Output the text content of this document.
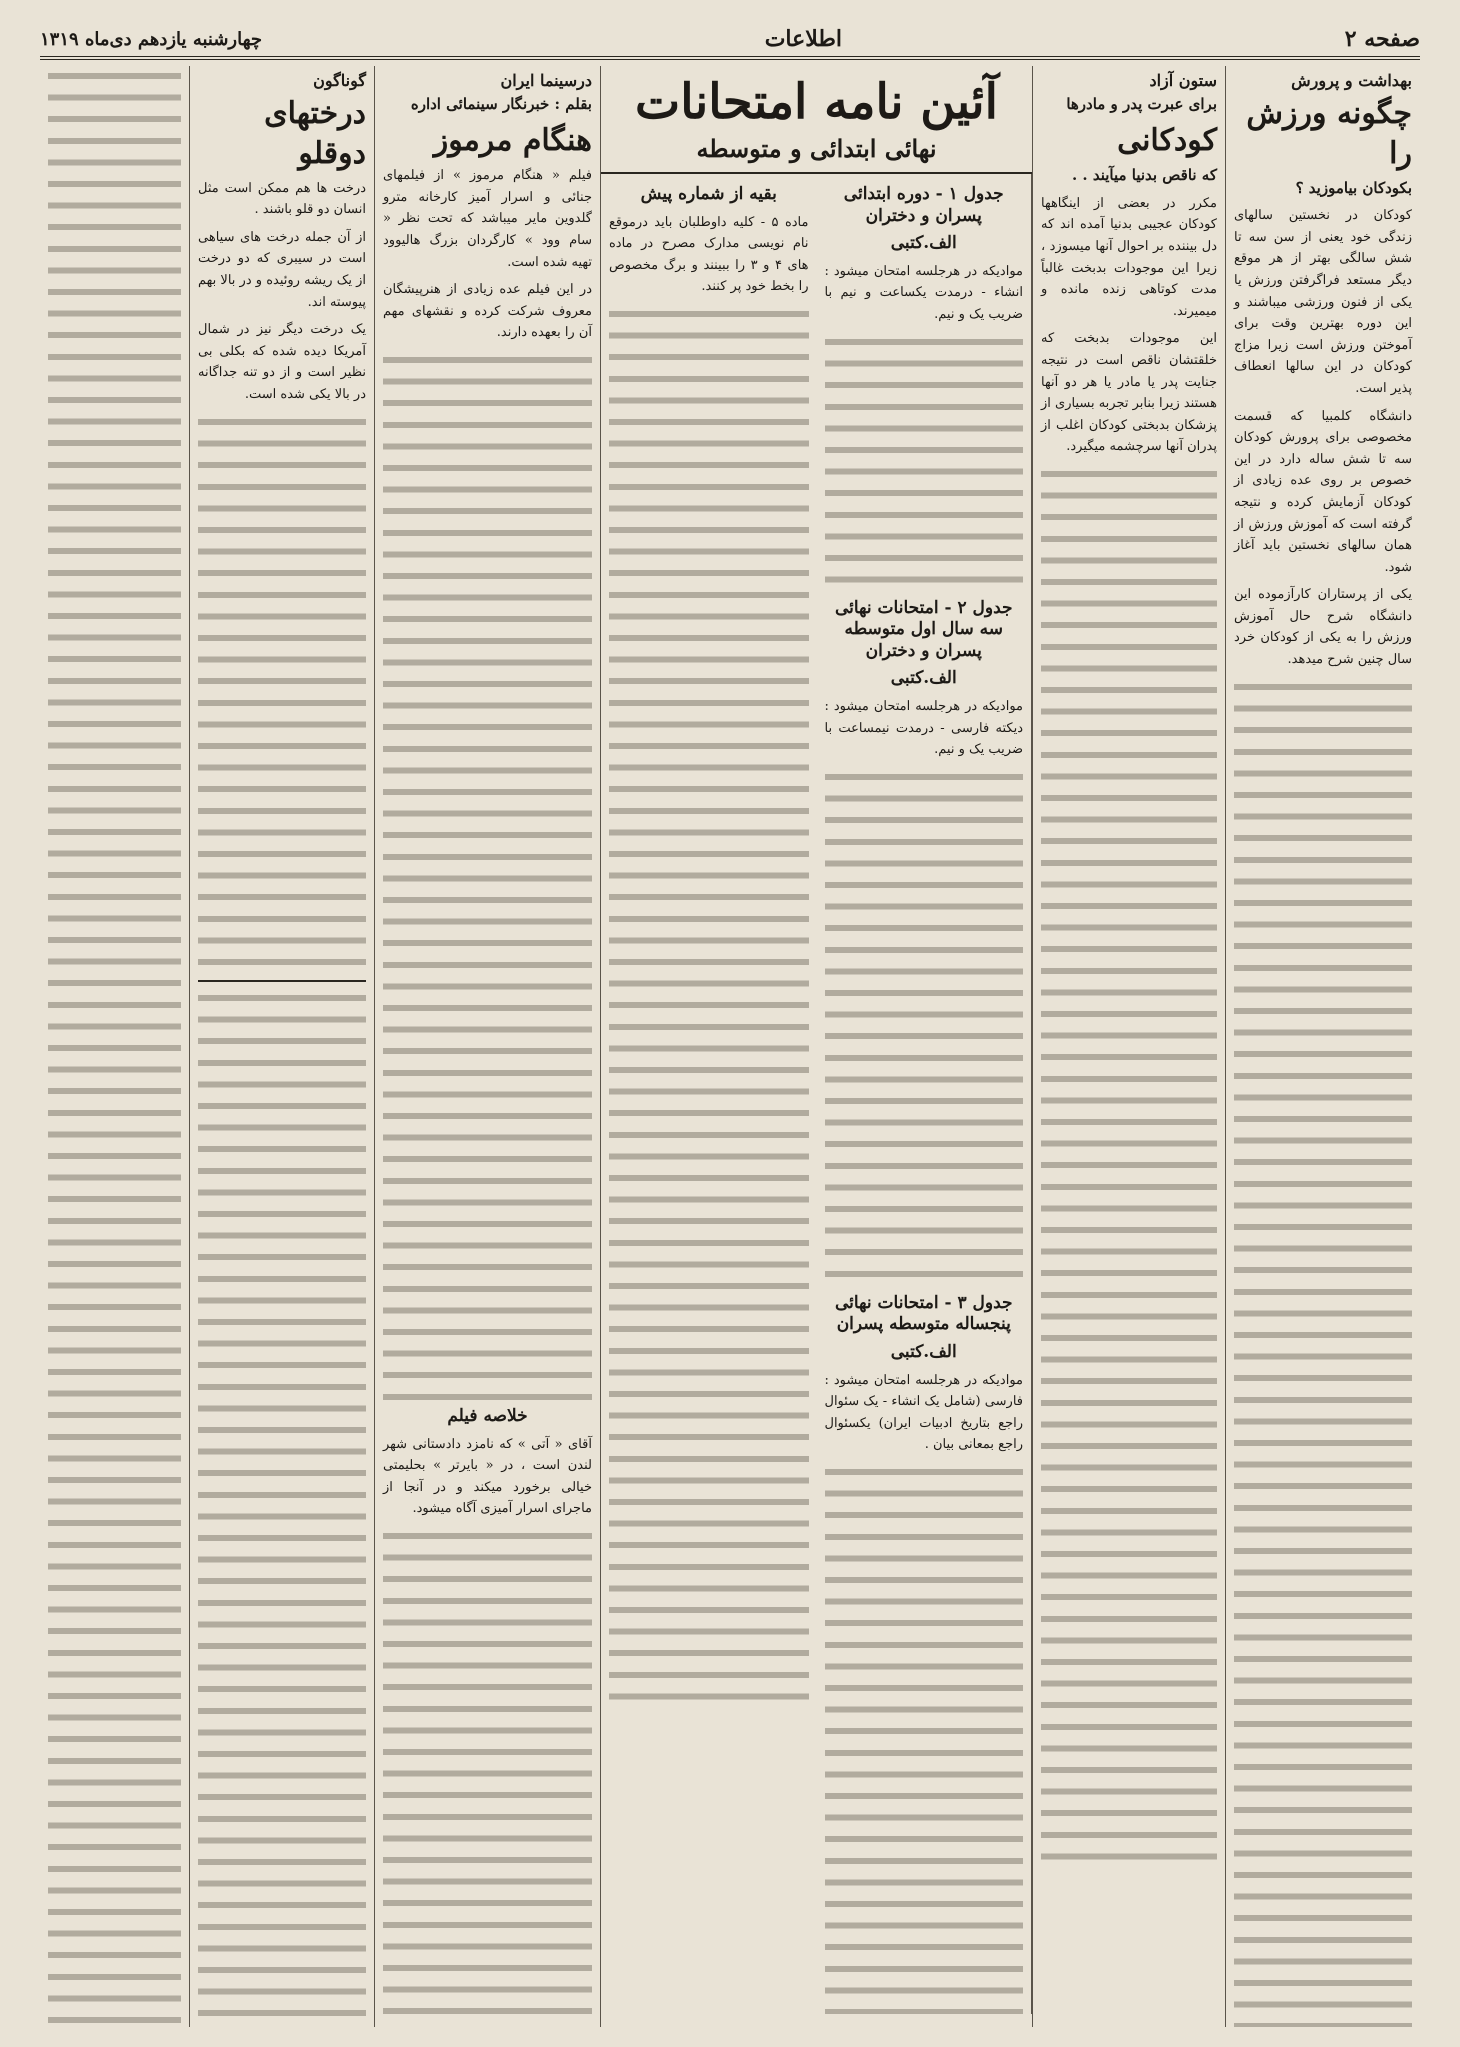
صفحه ۲
اطلاعات
چهارشنبه یازدهم دی‌ماه ۱۳۱۹
بهداشت و پرورش
چگونه ورزش را
بکودکان بیاموزید ؟

کودکان در نخستین سالهای زندگی خود یعنی از سن سه تا شش سالگی بهتر از هر موقع دیگر مستعد فراگرفتن ورزش یا یکی از فنون ورزشی میباشند و این دوره بهترین وقت برای آموختن ورزش است زیرا مزاج کودکان در این سالها انعطاف پذیر است.

دانشگاه کلمبیا که قسمت مخصوصی برای پرورش کودکان سه تا شش ساله دارد در این خصوص بر روی عده زیادی از کودکان آزمایش کرده و نتیجه گرفته است که آموزش ورزش از همان سالهای نخستین باید آغاز شود.

یکی از پرستاران کارآزموده این دانشگاه شرح حال آموزش ورزش را به یکی از کودکان خرد سال چنین شرح میدهد.

ستون آزاد
برای عبرت پدر و مادرها
کودکانی
که ناقص بدنیا میآیند . .

مکرر در بعضی از اینگاهها کودکان عجیبی بدنیا آمده اند که دل بیننده بر احوال آنها میسوزد ، زیرا این موجودات بدبخت غالباً مدت کوتاهی زنده مانده و میمیرند.

این موجودات بدبخت که خلقتشان ناقص است در نتیجه جنایت پدر یا مادر یا هر دو آنها هستند زیرا بنابر تجربه بسیاری از پزشکان بدبختی کودکان اغلب از پدران آنها سرچشمه میگیرد.

آئین نامه امتحانات
نهائی ابتدائی و متوسطه
بقیه از شماره پیش

ماده ۵ - کلیه داوطلبان باید درموقع نام نویسی مدارک مصرح در ماده های ۴ و ۳ را ببینند و برگ مخصوص را بخط خود پر کنند.

جدول ۱ - دوره ابتدائی پسران و دختران
الف.کتبی

موادیکه در هرجلسه امتحان میشود : انشاء - درمدت یکساعت و نیم با ضریب یک و نیم.

جدول ۲ - امتحانات نهائی سه سال اول متوسطه پسران و دختران
الف.کتبی

موادیکه در هرجلسه امتحان میشود : دیکته فارسی - درمدت نیمساعت با ضریب یک و نیم.

جدول ۳ - امتحانات نهائی پنجساله متوسطه پسران
الف.کتبی

موادیکه در هرجلسه امتحان میشود : فارسی (شامل یک انشاء - یک سئوال راجع بتاریخ ادبیات ایران) یکسئوال راجع بمعانی بیان .

درسینما ایران
بقلم : خبرنگار سینمائی اداره
هنگام مرموز

فیلم « هنگام مرموز » از فیلمهای جنائی و اسرار آمیز کارخانه مترو گلدوین مایر میباشد که تحت نظر « سام وود » کارگردان بزرگ هالیوود تهیه شده است.

در این فیلم عده زیادی از هنرپیشگان معروف شرکت کرده و نقشهای مهم آن را بعهده دارند.

خلاصه فیلم

آقای « آتی » که نامزد دادستانی شهر لندن است ، در « بایرتر » بحلیمتی خیالی برخورد میکند و در آنجا از ماجرای اسرار آمیزی آگاه میشود.

گوناگون
درختهای دوقلو

درخت ها هم ممکن است مثل انسان دو قلو باشند .

از آن جمله درخت های سیاهی است در سیبری که دو درخت از یک ریشه روئیده و در بالا بهم پیوسته اند.

یک درخت دیگر نیز در شمال آمریکا دیده شده که بکلی بی نظیر است و از دو تنه جداگانه در بالا یکی شده است.
